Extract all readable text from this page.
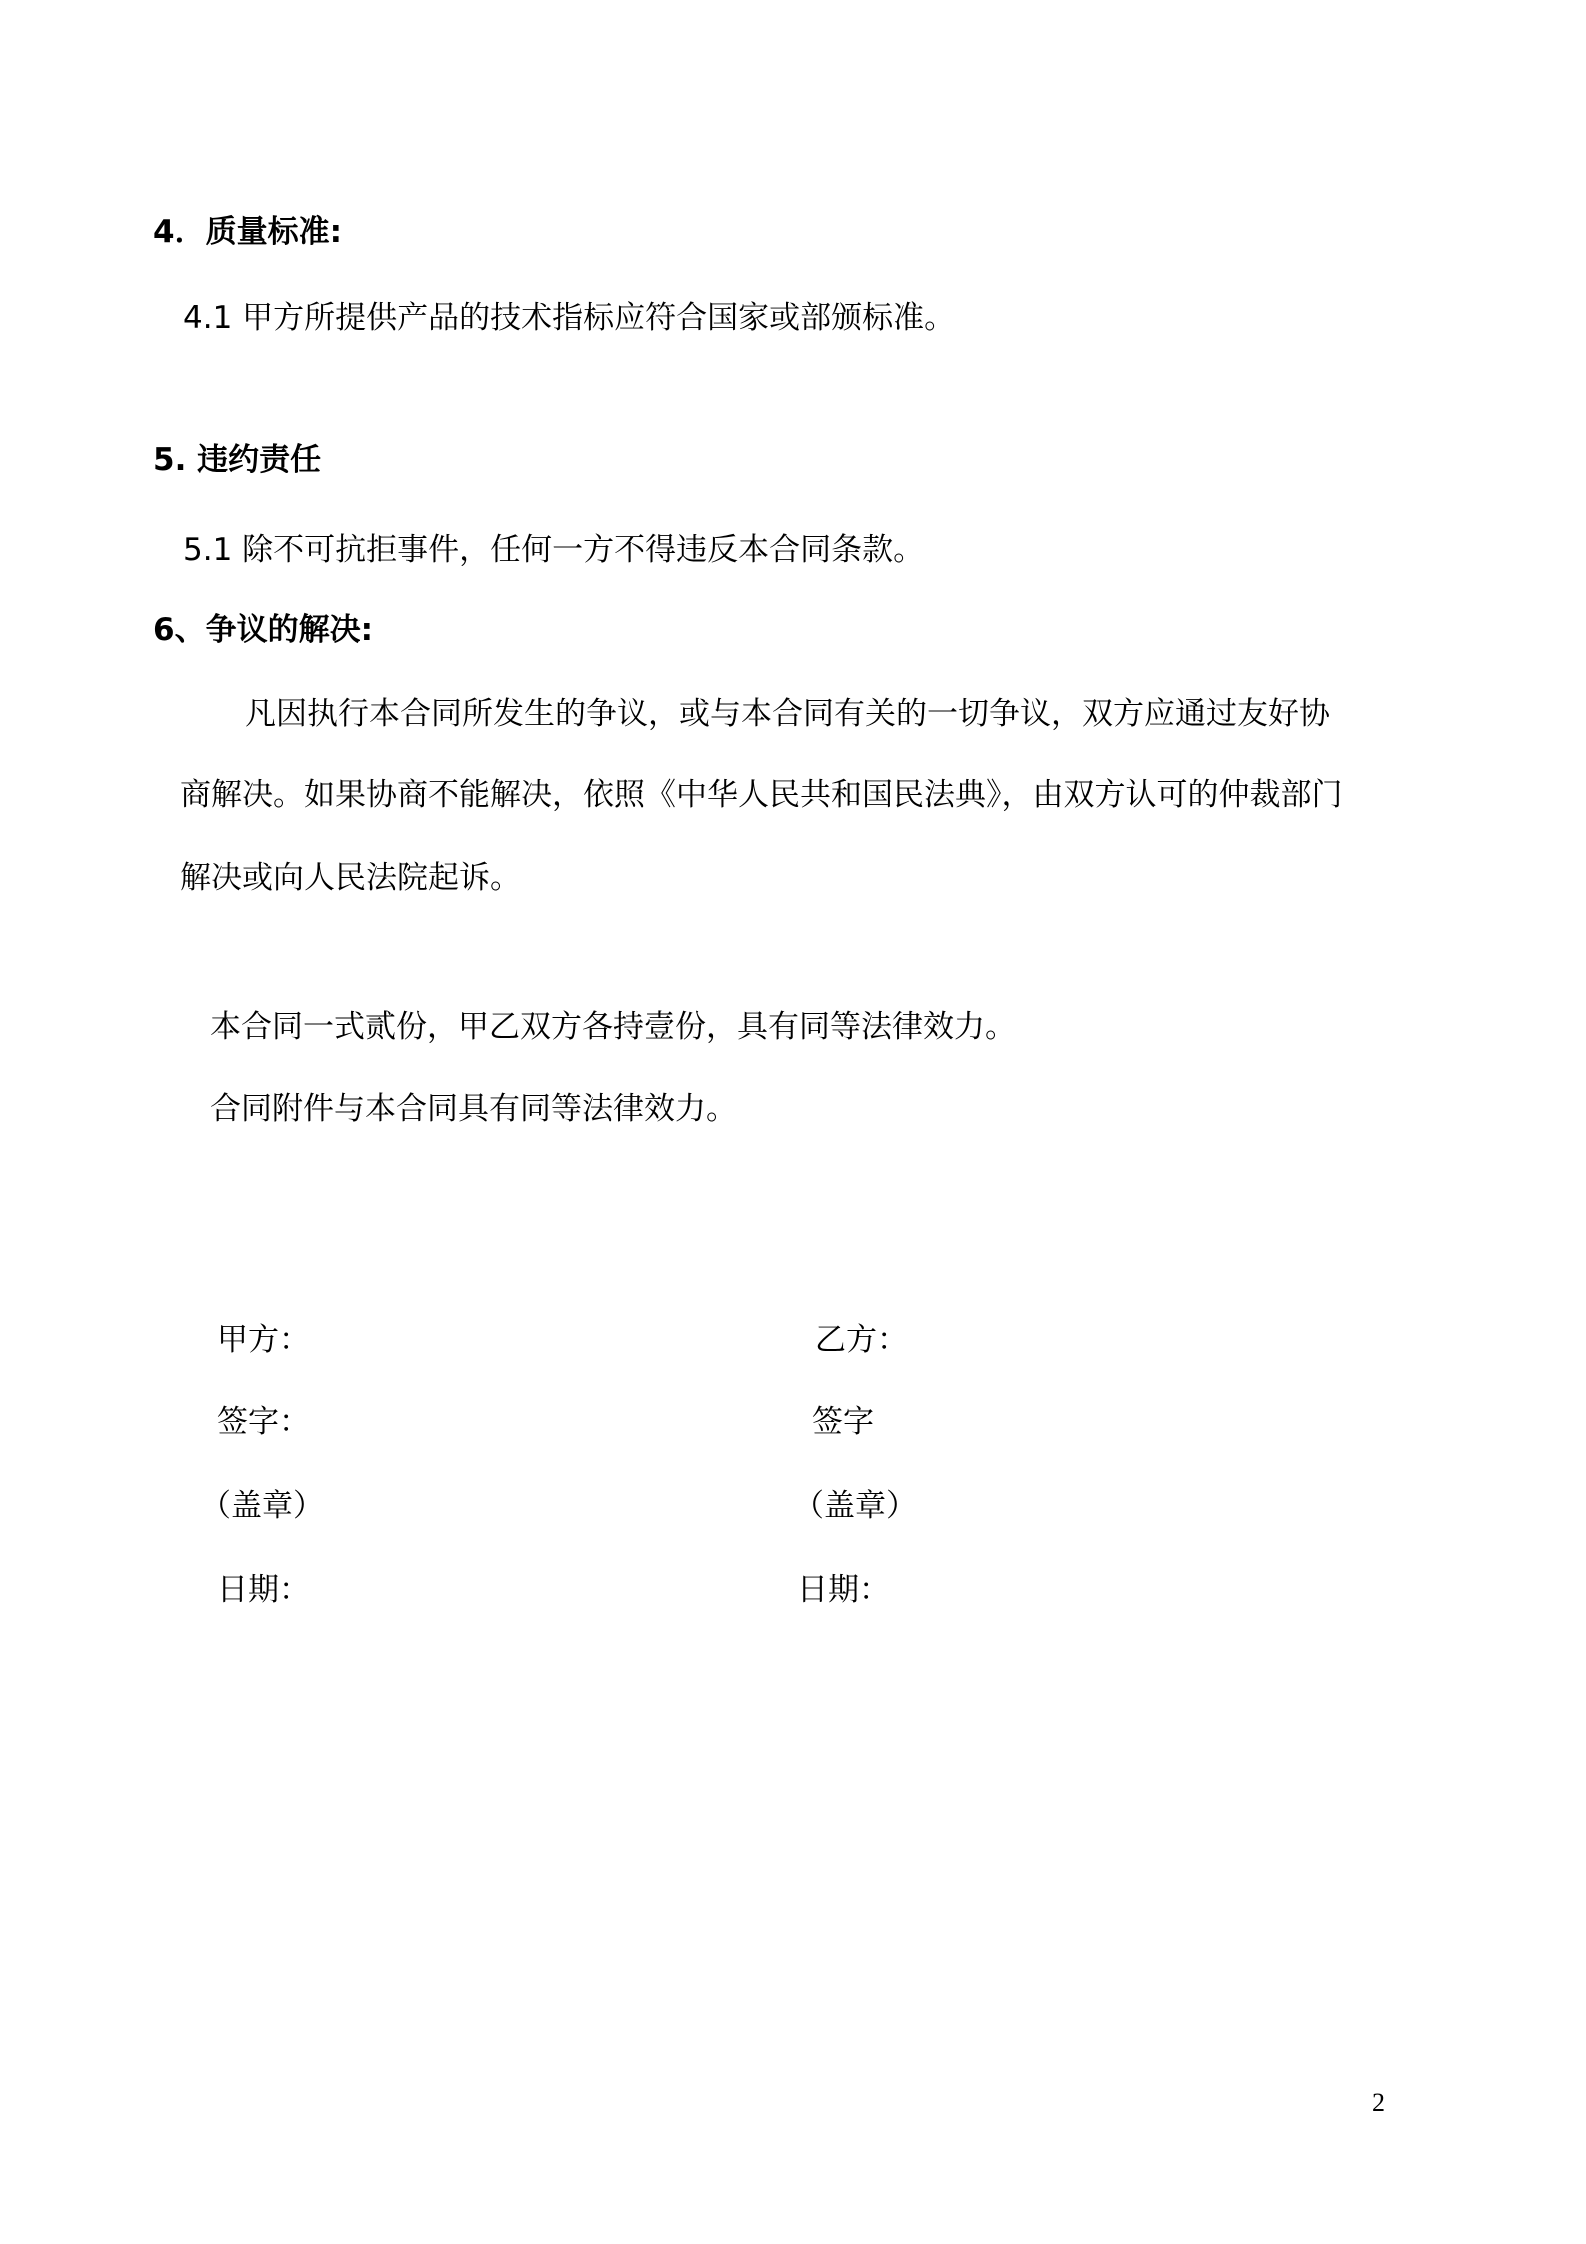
4．质量标准:
4.1 甲方所提供产品的技术指标应符合国家或部颁标准。
5. 违约责任
5.1 除不可抗拒事件，任何一方不得违反本合同条款。
6、争议的解决:
凡因执行本合同所发生的争议，或与本合同有关的一切争议，双方应通过友好协
商解决。如果协商不能解决，依照《中华人民共和国民法典》，由双方认可的仲裁部门
解决或向人民法院起诉。
本合同一式贰份，甲乙双方各持壹份，具有同等法律效力。
合同附件与本合同具有同等法律效力。
甲方：
签字：
（盖章）
日期：
乙方：
签字
（盖章）
日期：
2
